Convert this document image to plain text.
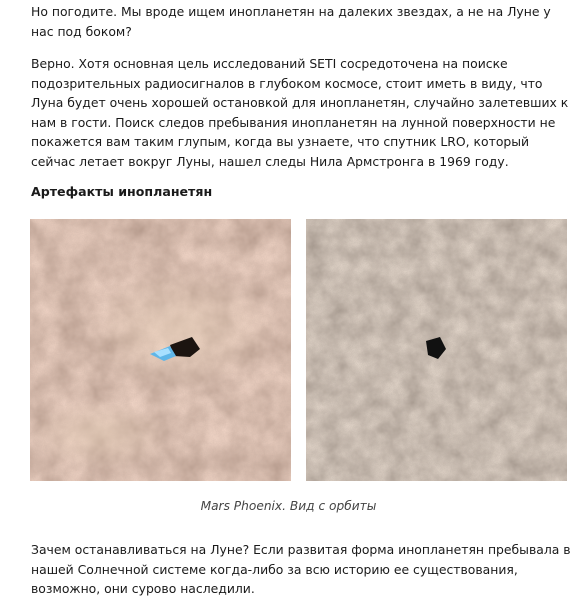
Но погодите. Мы вроде ищем инопланетян на далеких звездах, а не на Луне у нас под боком?

Верно. Хотя основная цель исследований SETI сосредоточена на поиске подозрительных радиосигналов в глубоком космосе, стоит иметь в виду, что Луна будет очень хорошей остановкой для инопланетян, случайно залетевших к нам в гости. Поиск следов пребывания инопланетян на лунной поверхности не покажется вам таким глупым, когда вы узнаете, что спутник LRO, который сейчас летает вокруг Луны, нашел следы Нила Армстронга в 1969 году.

Артефакты инопланетян

Mars Phoenix. Вид с орбиты

Зачем останавливаться на Луне? Если развитая форма инопланетян пребывала в нашей Солнечной системе когда-либо за всю историю ее существования, возможно, они сурово наследили.
